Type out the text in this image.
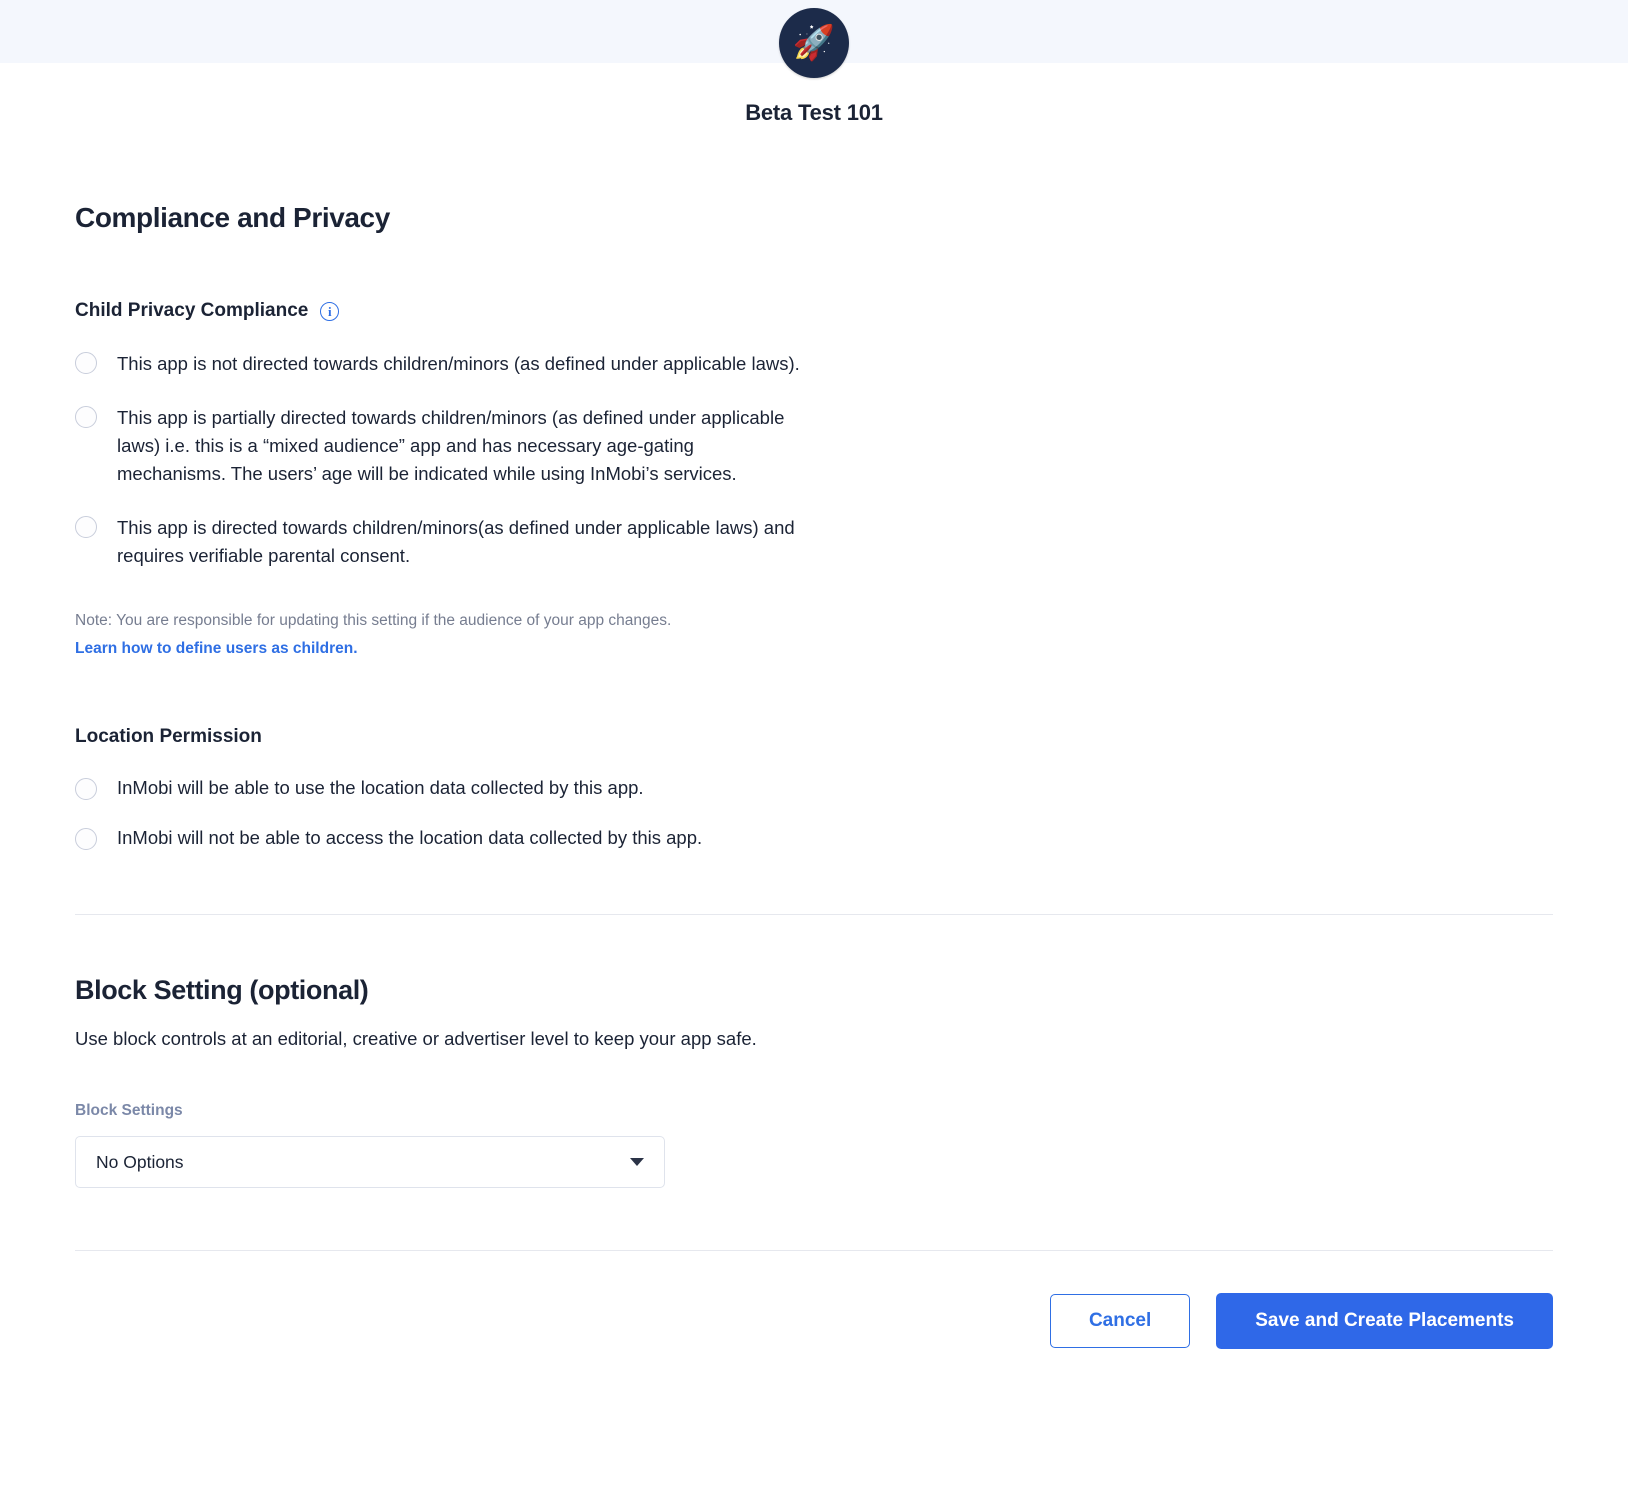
🚀
Beta Test 101
Compliance and Privacy
Child Privacy Compliance	i
This app is not directed towards children/minors (as defined under applicable laws).
This app is partially directed towards children/minors (as defined under applicable laws) i.e. this is a “mixed audience” app and has necessary age-gating mechanisms. The users’ age will be indicated while using InMobi’s services.
This app is directed towards children/minors(as defined under applicable laws) and requires verifiable parental consent.
Note: You are responsible for updating this setting if the audience of your app changes.
Learn how to define users as children.
Location Permission
InMobi will be able to use the location data collected by this app.
InMobi will not be able to access the location data collected by this app.
Block Setting (optional)
Use block controls at an editorial, creative or advertiser level to keep your app safe.
Block Settings
No Options
Cancel	Save and Create Placements
